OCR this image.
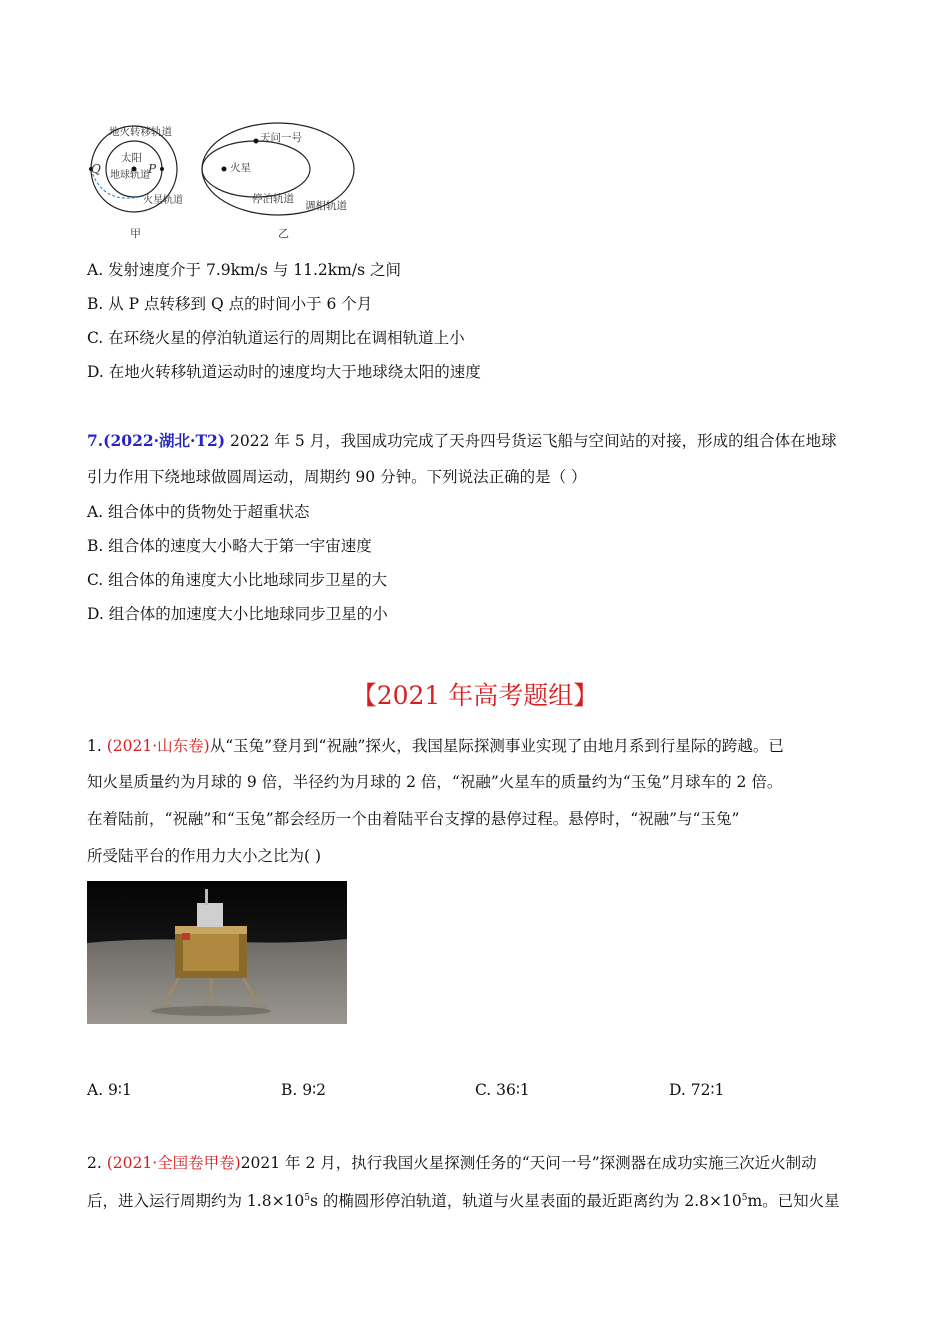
地火转移轨道
太阳
地球轨道
火星轨道
Q	P
甲
天问一号
火星
停泊轨道
调相轨道
乙
A. 发射速度介于 7.9km/s 与 11.2km/s 之间
B. 从 P 点转移到 Q 点的时间小于 6 个月
C. 在环绕火星的停泊轨道运行的周期比在调相轨道上小
D. 在地火转移轨道运动时的速度均大于地球绕太阳的速度
7.(2022·湖北·T2) 2022 年 5 月，我国成功完成了天舟四号货运飞船与空间站的对接，形成的组合体在地球
引力作用下绕地球做圆周运动，周期约 90 分钟。下列说法正确的是（ ）
A. 组合体中的货物处于超重状态
B. 组合体的速度大小略大于第一宇宙速度
C. 组合体的角速度大小比地球同步卫星的大
D. 组合体的加速度大小比地球同步卫星的小
【2021 年高考题组】
1. (2021·山东卷)从“玉兔”登月到“祝融”探火，我国星际探测事业实现了由地月系到行星际的跨越。已
知火星质量约为月球的 9 倍，半径约为月球的 2 倍，“祝融”火星车的质量约为“玉兔”月球车的 2 倍。
在着陆前，“祝融”和“玉兔”都会经历一个由着陆平台支撑的悬停过程。悬停时，“祝融”与“玉兔”
所受陆平台的作用力大小之比为( )
A. 9∶1	B. 9∶2	C. 36∶1	D. 72∶1
2. (2021·全国卷甲卷)2021 年 2 月，执行我国火星探测任务的“天问一号”探测器在成功实施三次近火制动
后，进入运行周期约为 $1.8\times 10^5s$ 的椭圆形停泊轨道，轨道与火星表面的最近距离约为 $2.8\times 10^5m$。已知火星
